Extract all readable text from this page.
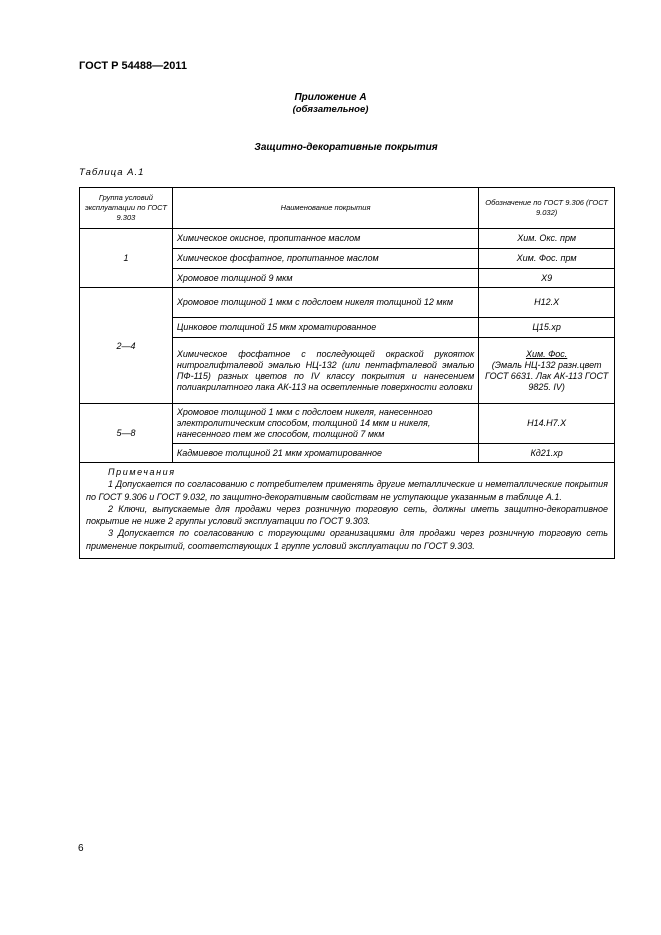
ГОСТ Р 54488—2011
Приложение А
(обязательное)
Защитно-декоративные покрытия
Таблица А.1
Группа условий эксплуатации по ГОСТ 9.303	Наименование покрытия	Обозначение по ГОСТ 9.306 (ГОСТ 9.032)
1	Химическое окисное, пропитанное маслом	Хим. Окс. прм
	Химическое фосфатное, пропитанное маслом	Хим. Фос. прм
	Хромовое толщиной 9 мкм	Х9
2—4	Хромовое толщиной 1 мкм с подслоем никеля толщиной 12 мкм	Н12.Х
	Цинковое толщиной 15 мкм хроматированное	Ц15.хр
	Химическое фосфатное с последующей окраской рукояток нитроглифталевой эмалью НЦ-132 (или пентафталевой эмалью ПФ-115) разных цветов по IV классу покрытия и нанесением полиакрилатного лака АК-113 на осветленные поверхности головки	Хим. Фос.
(Эмаль НЦ-132 разн.цвет ГОСТ 6631. Лак АК-113 ГОСТ 9825. IV)
5—8	Хромовое толщиной 1 мкм с подслоем никеля, нанесенного электролитическим способом, толщиной 14 мкм и никеля, нанесенного тем же способом, толщиной 7 мкм	Н14.Н7.Х
	Кадмиевое толщиной 21 мкм хроматированное	Кд21.хр

Примечания
1 Допускается по согласованию с потребителем применять другие металлические и неметаллические покрытия по ГОСТ 9.306 и ГОСТ 9.032, по защитно-декоративным свойствам не уступающие указанным в таблице А.1.
2 Ключи, выпускаемые для продажи через розничную торговую сеть, должны иметь защитно-декоративное покрытие не ниже 2 группы условий эксплуатации по ГОСТ 9.303.
3 Допускается по согласованию с торгующими организациями для продажи через розничную торговую сеть применение покрытий, соответствующих 1 группе условий эксплуатации по ГОСТ 9.303.		
6
